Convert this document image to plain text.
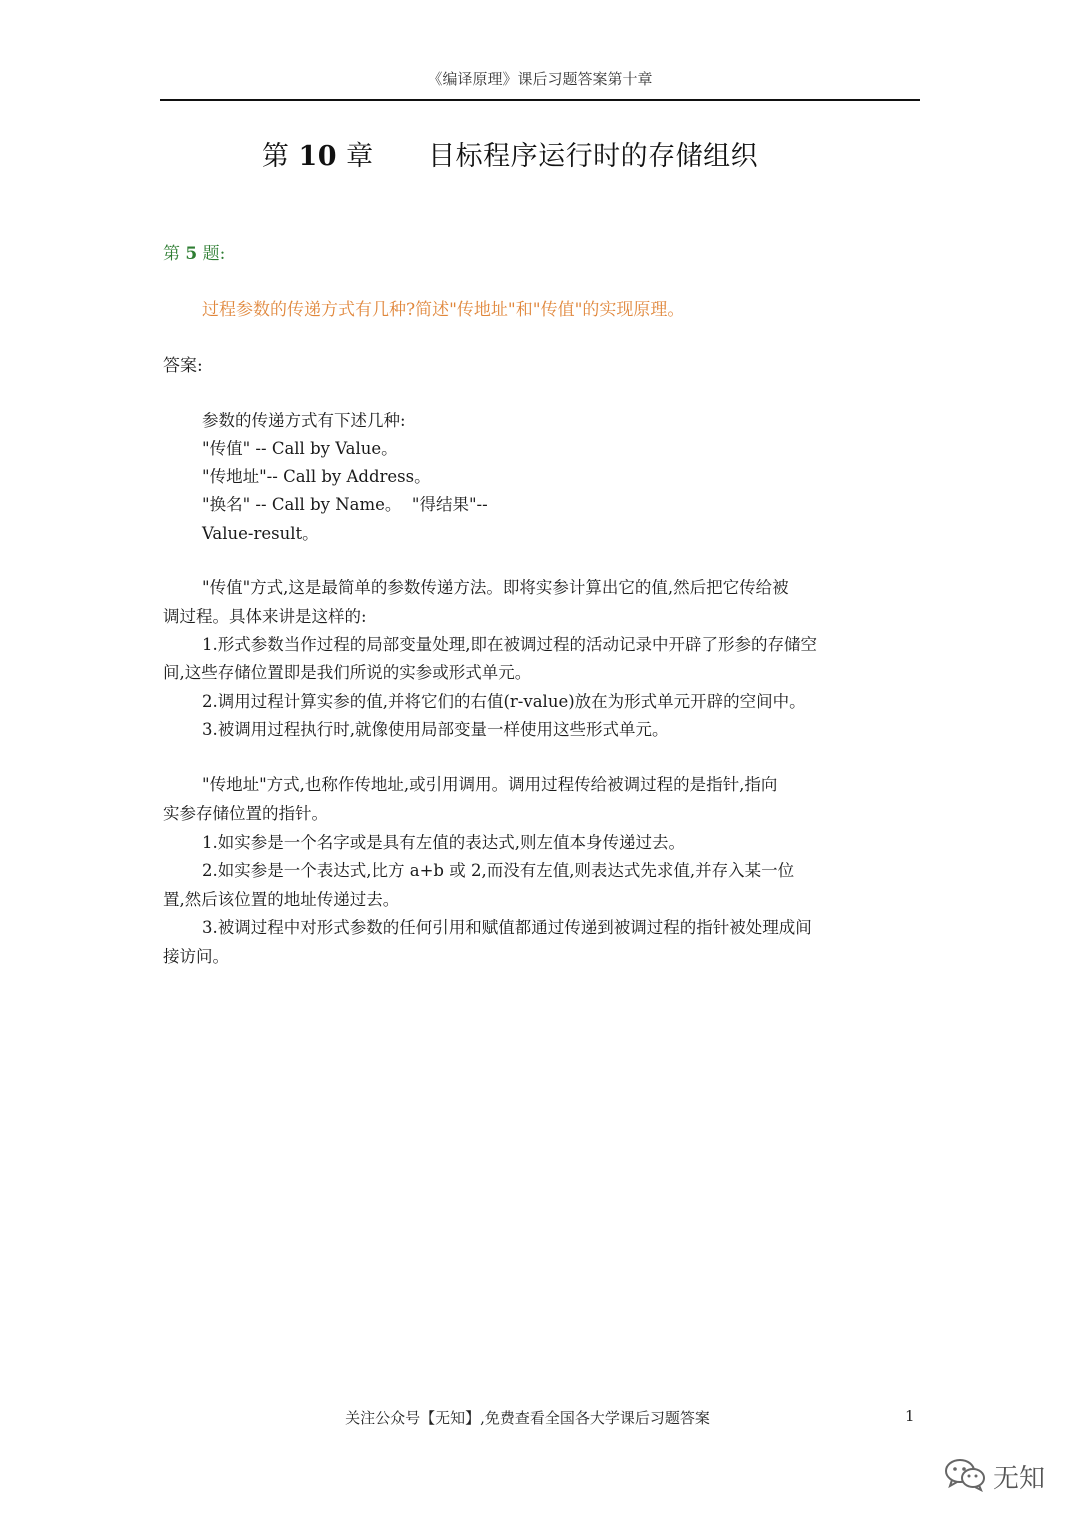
《编译原理》课后习题答案第十章
第 10 章 目标程序运行时的存储组织
第 5 题:
过程参数的传递方式有几种?简述"传地址"和"传值"的实现原理。
答案:
参数的传递方式有下述几种:
"传值" -- Call by Value。
"传地址"-- Call by Address。
"换名" -- Call by Name。  "得结果"--
Value-result。
"传值"方式,这是最简单的参数传递方法。即将实参计算出它的值,然后把它传给被
调过程。具体来讲是这样的:
1.形式参数当作过程的局部变量处理,即在被调过程的活动记录中开辟了形参的存储空
间,这些存储位置即是我们所说的实参或形式单元。
2.调用过程计算实参的值,并将它们的右值(r-value)放在为形式单元开辟的空间中。
3.被调用过程执行时,就像使用局部变量一样使用这些形式单元。
"传地址"方式,也称作传地址,或引用调用。调用过程传给被调过程的是指针,指向
实参存储位置的指针。
1.如实参是一个名字或是具有左值的表达式,则左值本身传递过去。
2.如实参是一个表达式,比方 a+b 或 2,而没有左值,则表达式先求值,并存入某一位
置,然后该位置的地址传递过去。
3.被调过程中对形式参数的任何引用和赋值都通过传递到被调过程的指针被处理成间
接访问。
关注公众号【无知】,免费查看全国各大学课后习题答案	1
无知
